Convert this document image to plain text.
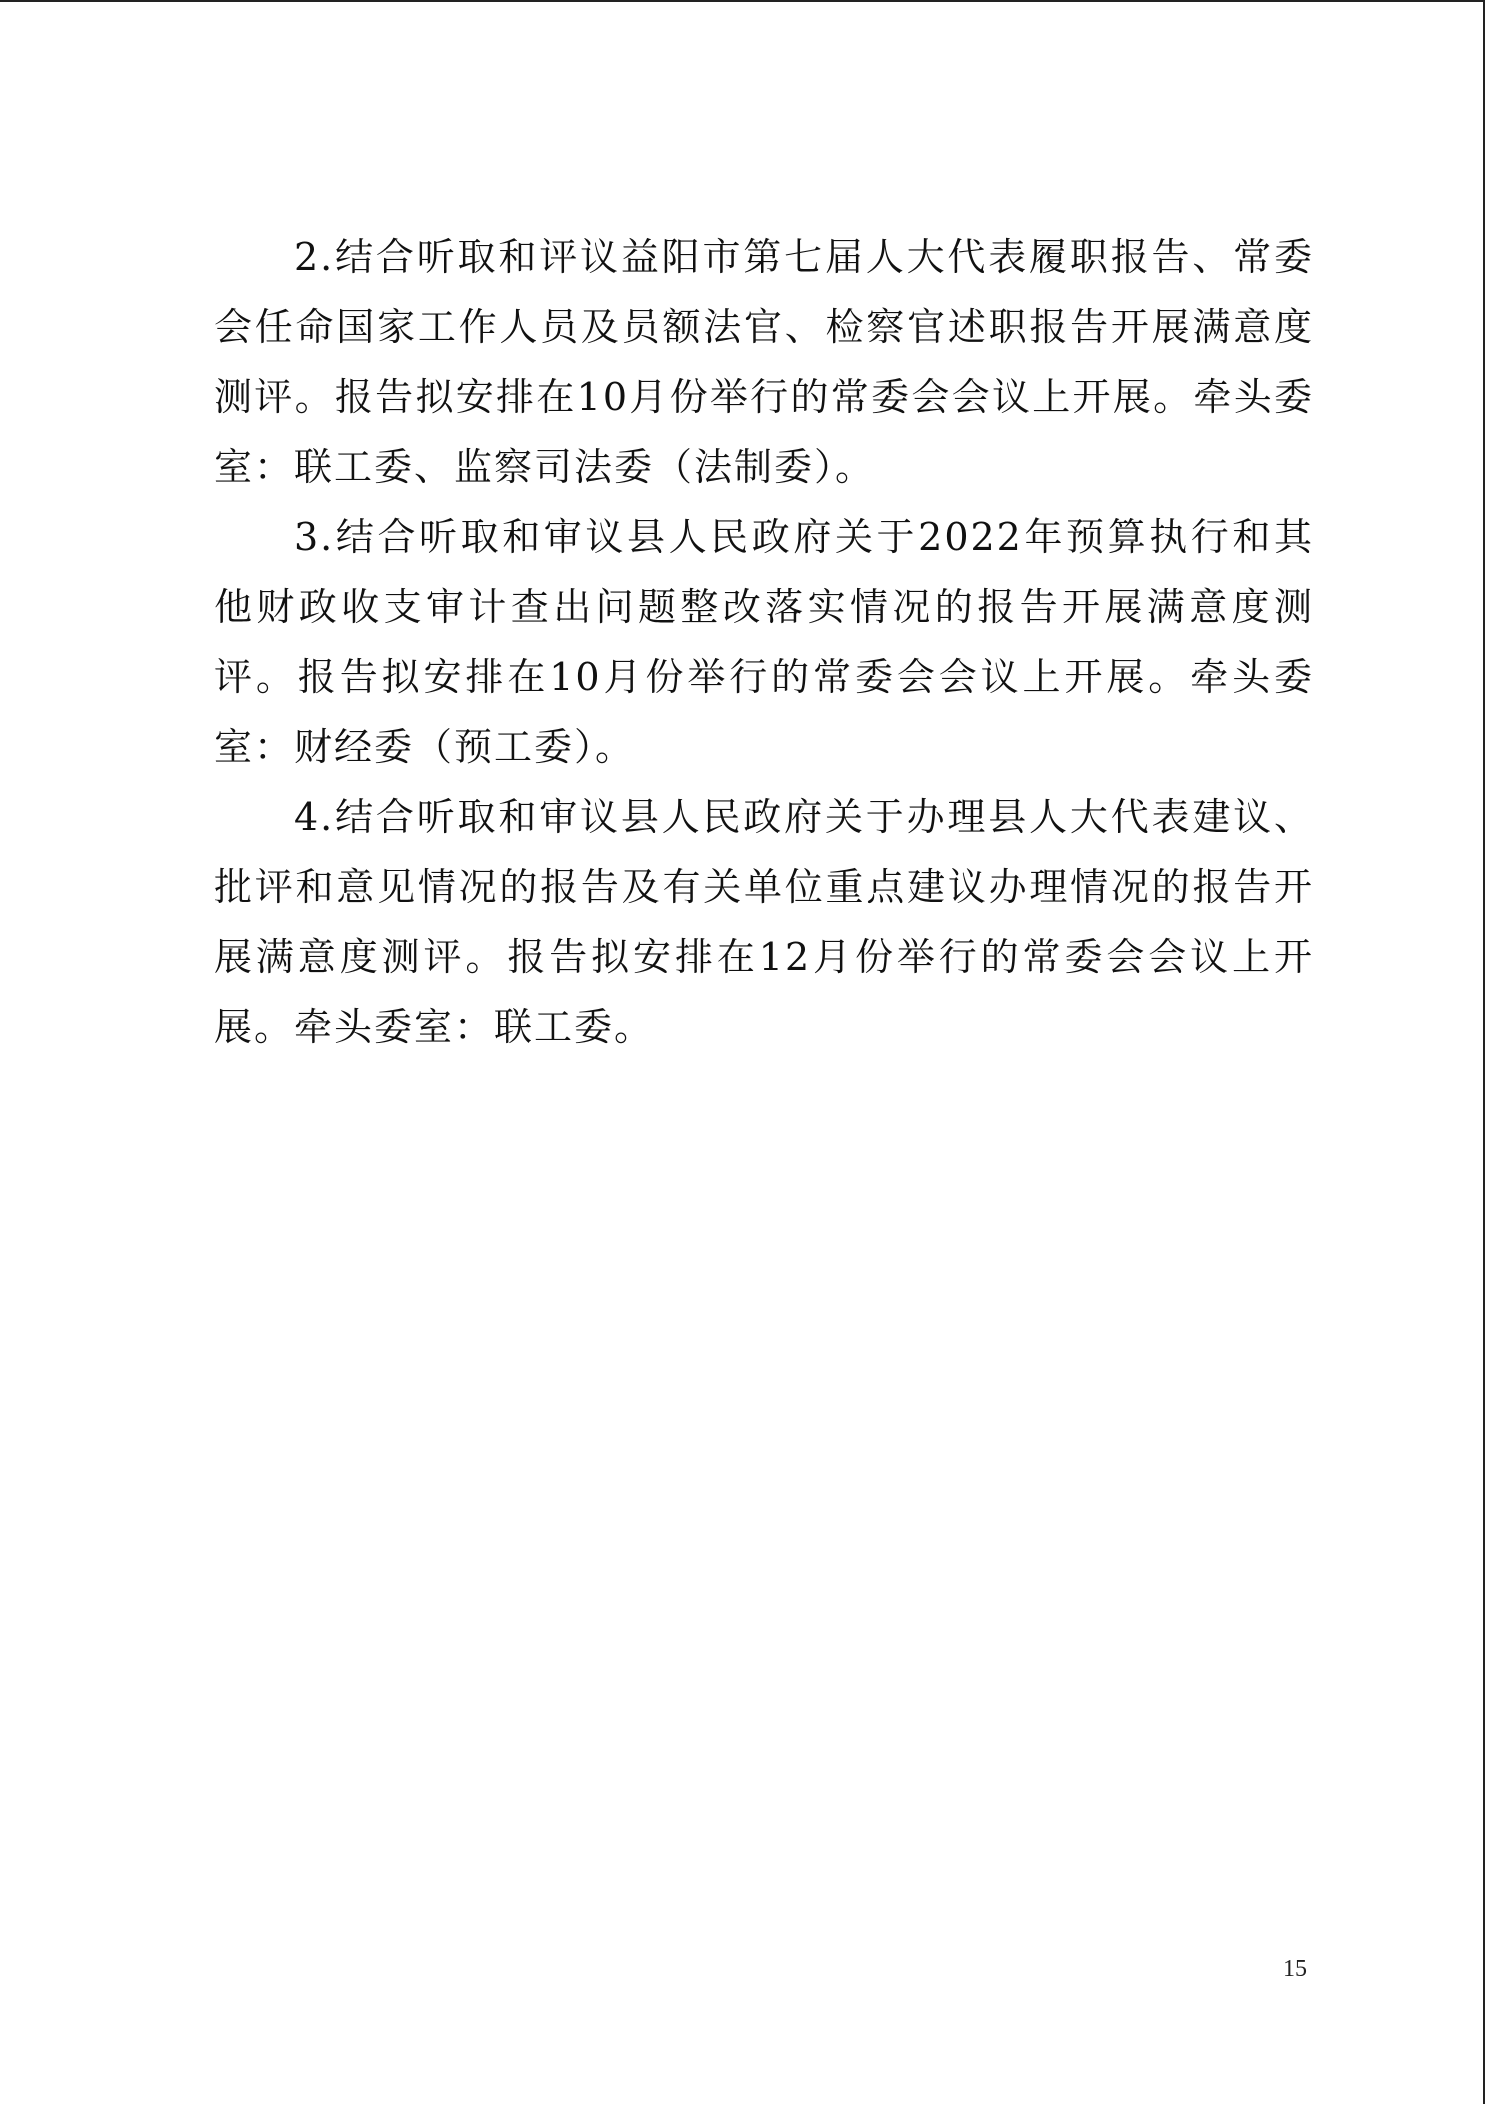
2.结合听取和评议益阳市第七届人大代表履职报告、常委会任命国家工作人员及员额法官、检察官述职报告开展满意度测评。报告拟安排在10月份举行的常委会会议上开展。牵头委室：联工委、监察司法委（法制委）。

3.结合听取和审议县人民政府关于2022年预算执行和其他财政收支审计查出问题整改落实情况的报告开展满意度测评。报告拟安排在10月份举行的常委会会议上开展。牵头委室：财经委（预工委）。

4.结合听取和审议县人民政府关于办理县人大代表建议、批评和意见情况的报告及有关单位重点建议办理情况的报告开展满意度测评。报告拟安排在12月份举行的常委会会议上开展。牵头委室：联工委。

15
